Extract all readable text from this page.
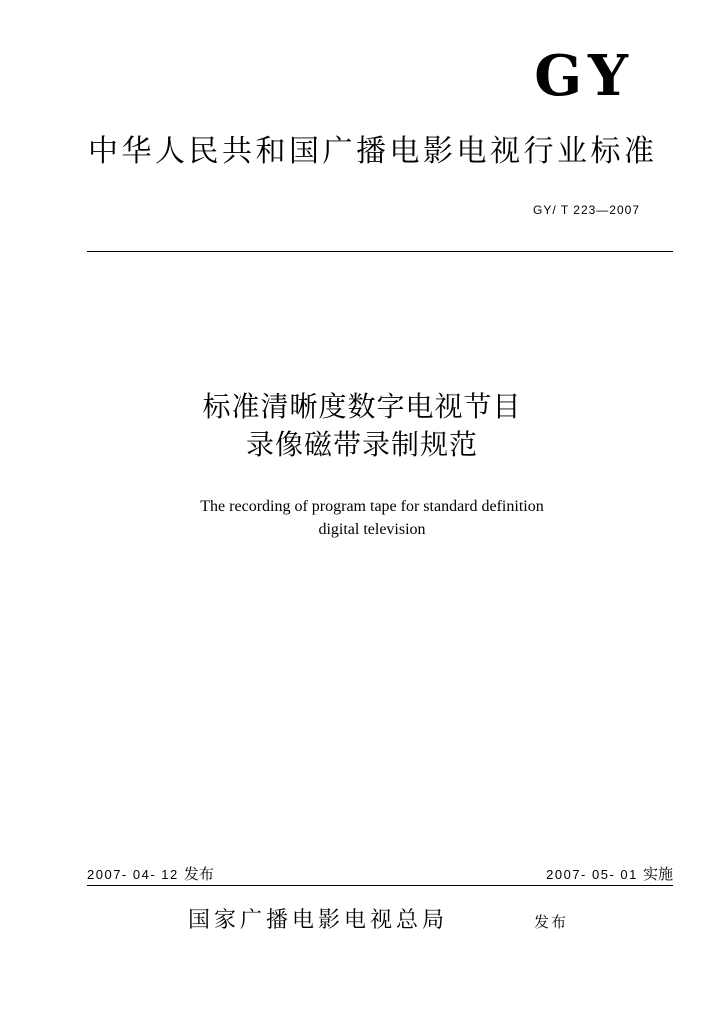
GY
中华人民共和国广播电影电视行业标准
GY/ T 223—2007
标准清晰度数字电视节目
录像磁带录制规范
The recording of program tape for standard definition
digital television
2007- 04- 12 发布	2007- 05- 01 实施
国家广播电影电视总局	发布
